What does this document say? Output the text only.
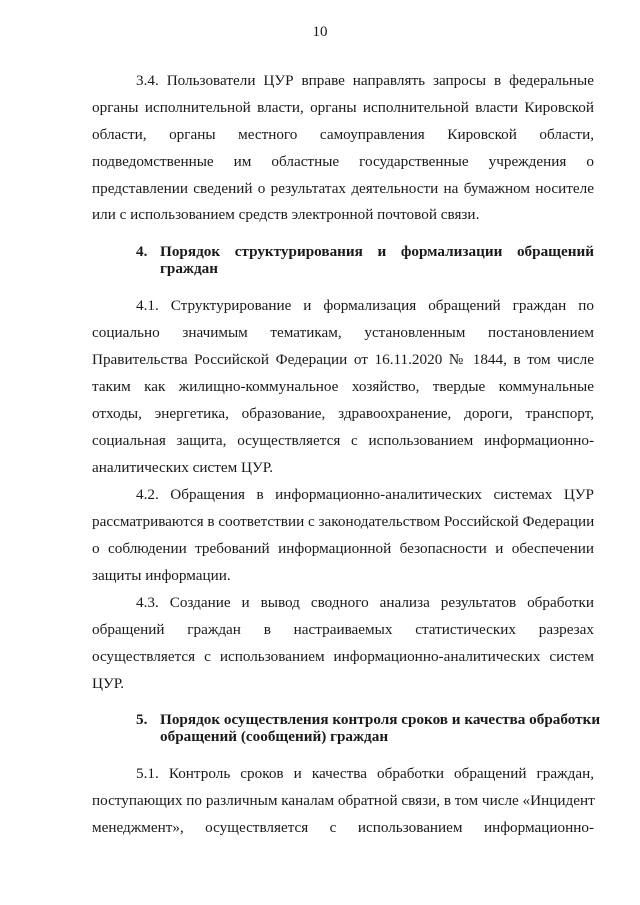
10
3.4. Пользователи ЦУР вправе направлять запросы в федеральные
органы исполнительной власти, органы исполнительной власти Кировской
области, органы местного самоуправления Кировской области,
подведомственные им областные государственные учреждения о
представлении сведений о результатах деятельности на бумажном носителе
или с использованием средств электронной почтовой связи.
4. Порядок структурирования и формализации обращений
граждан
4.1. Структурирование и формализация обращений граждан по
социально значимым тематикам, установленным постановлением
Правительства Российской Федерации от 16.11.2020 № 1844, в том числе
таким как жилищно-коммунальное хозяйство, твердые коммунальные
отходы, энергетика, образование, здравоохранение, дороги, транспорт,
социальная защита, осуществляется с использованием информационно-
аналитических систем ЦУР.
4.2. Обращения в информационно-аналитических системах ЦУР
рассматриваются в соответствии с законодательством Российской Федерации
о соблюдении требований информационной безопасности и обеспечении
защиты информации.
4.3. Создание и вывод сводного анализа результатов обработки
обращений граждан в настраиваемых статистических разрезах
осуществляется с использованием информационно-аналитических систем
ЦУР.
5. Порядок осуществления контроля сроков и качества обработки
обращений (сообщений) граждан
5.1. Контроль сроков и качества обработки обращений граждан,
поступающих по различным каналам обратной связи, в том числе «Инцидент
менеджмент», осуществляется с использованием информационно-
